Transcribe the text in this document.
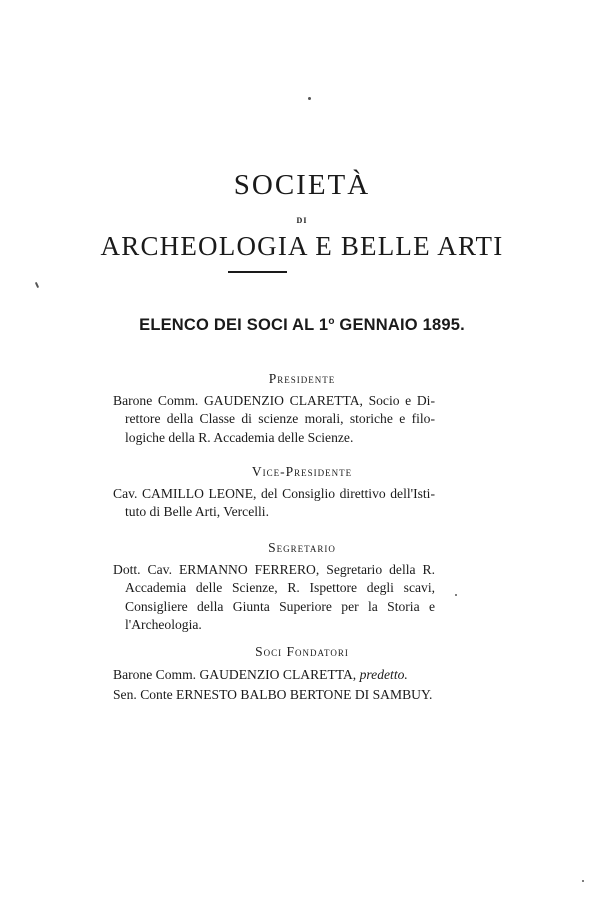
SOCIETÀ
DI
ARCHEOLOGIA E BELLE ARTI
ELENCO DEI SOCI AL 1$^o$ GENNAIO 1895.
Presidente
Barone Comm. GAUDENZIO CLARETTA, Socio e Di-
rettore della Classe di scienze morali, storiche e filo-
logiche della R. Accademia delle Scienze.
Vice-Presidente
Cav. CAMILLO LEONE, del Consiglio direttivo dell'Isti-
tuto di Belle Arti, Vercelli.
Segretario
Dott. Cav. ERMANNO FERRERO, Segretario della R.
Accademia delle Scienze, R. Ispettore degli scavi,
Consigliere della Giunta Superiore per la Storia e
l'Archeologia.
Soci Fondatori
Barone Comm. GAUDENZIO CLARETTA, predetto.
Sen. Conte ERNESTO BALBO BERTONE DI SAMBUY.
